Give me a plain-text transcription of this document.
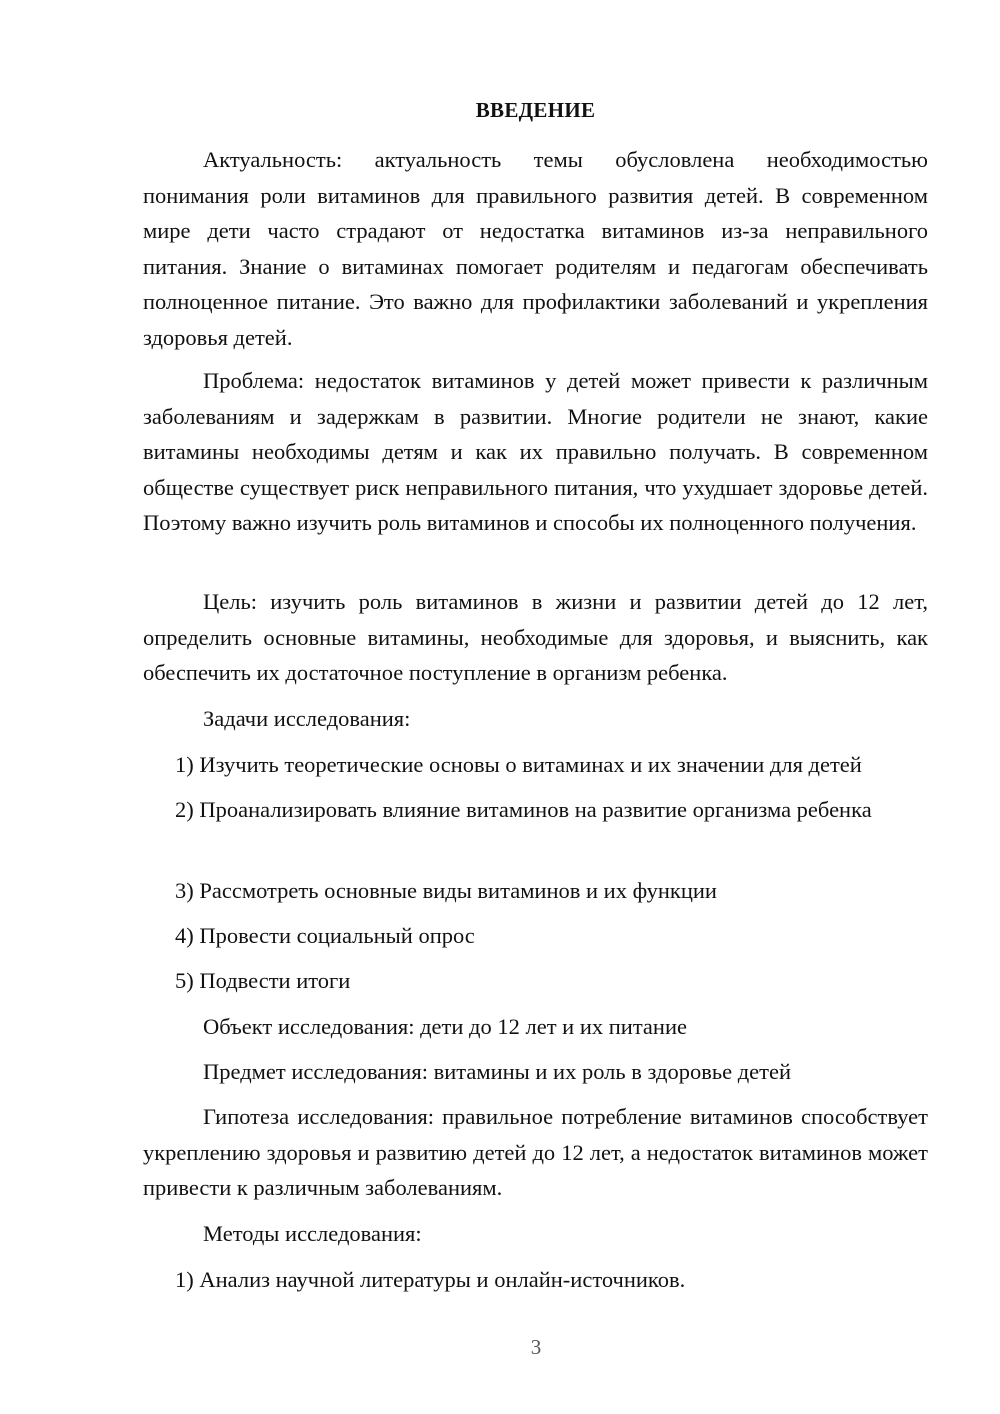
ВВЕДЕНИЕ

Актуальность: актуальность темы обусловлена необходимостью понимания роли витаминов для правильного развития детей. В современном мире дети часто страдают от недостатка витаминов из-за неправильного питания. Знание о витаминах помогает родителям и педагогам обеспечивать полноценное питание. Это важно для профилактики заболеваний и укрепления здоровья детей.

Проблема: недостаток витаминов у детей может привести к различным заболеваниям и задержкам в развитии. Многие родители не знают, какие витамины необходимы детям и как их правильно получать. В современном обществе существует риск неправильного питания, что ухудшает здоровье детей. Поэтому важно изучить роль витаминов и способы их полноценного получения.

Цель: изучить роль витаминов в жизни и развитии детей до 12 лет, определить основные витамины, необходимые для здоровья, и выяснить, как обеспечить их достаточное поступление в организм ребенка.

Задачи исследования:

1) Изучить теоретические основы о витаминах и их значении для детей

2) Проанализировать влияние витаминов на развитие организма ребенка

3) Рассмотреть основные виды витаминов и их функции

4) Провести социальный опрос

5) Подвести итоги

Объект исследования: дети до 12 лет и их питание

Предмет исследования: витамины и их роль в здоровье детей

Гипотеза исследования: правильное потребление витаминов способствует укреплению здоровья и развитию детей до 12 лет, а недостаток витаминов может привести к различным заболеваниям.

Методы исследования:

1) Анализ научной литературы и онлайн-источников.

3
